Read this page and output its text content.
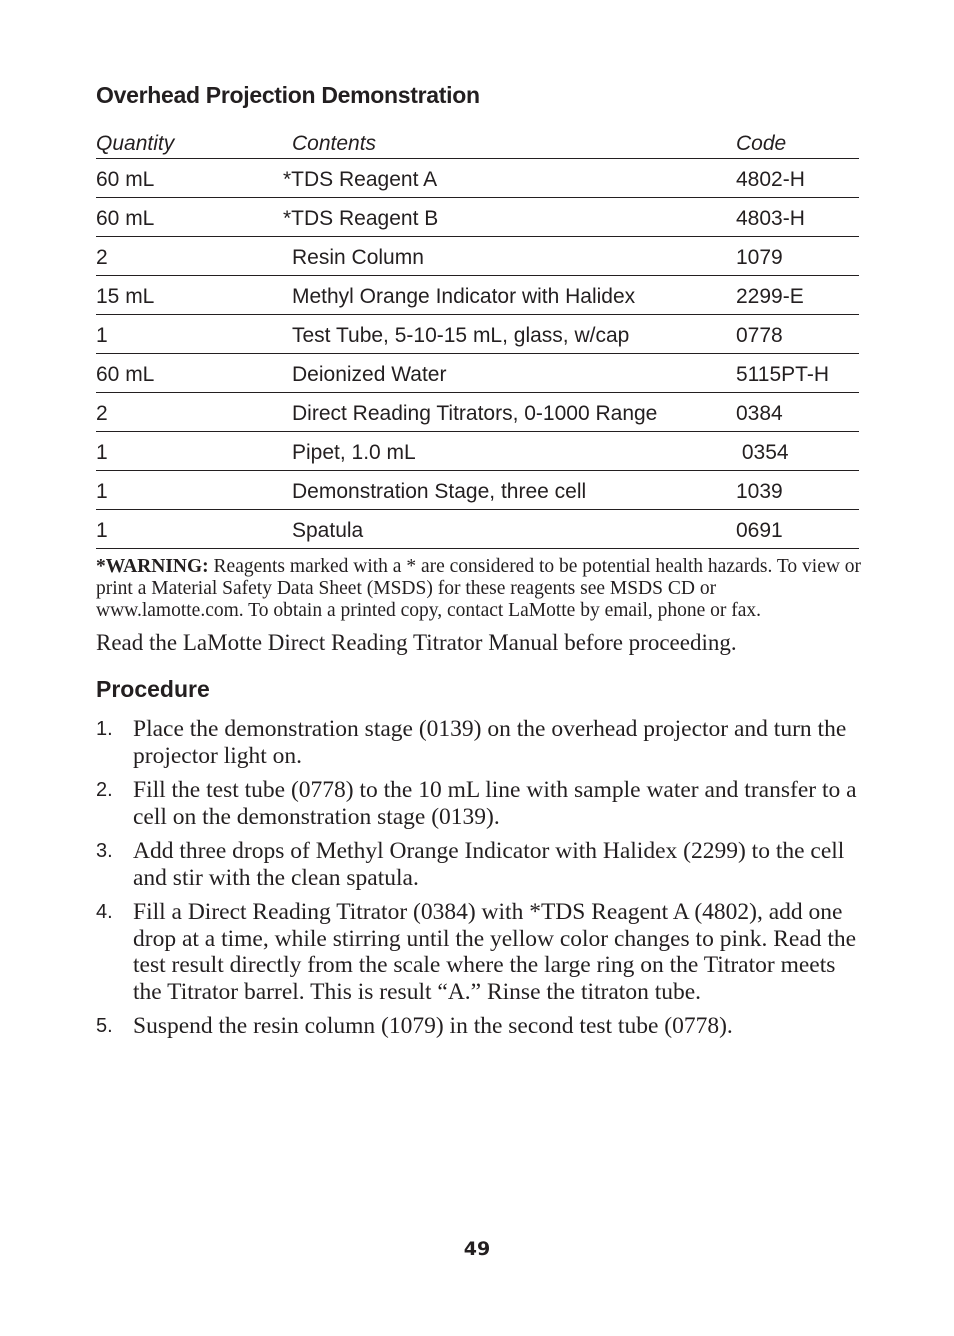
Overhead Projection Demonstration
Quantity	Contents	Code
60 mL	*TDS Reagent A	4802-H
60 mL	*TDS Reagent B	4803-H
2	Resin Column	1079
15 mL	Methyl Orange Indicator with Halidex	2299-E
1	Test Tube, 5-10-15 mL, glass, w/cap	0778
60 mL	Deionized Water	5115PT-H
2	Direct Reading Titrators, 0-1000 Range	0384
1	Pipet, 1.0 mL	0354
1	Demonstration Stage, three cell	1039
1	Spatula	0691

*WARNING: Reagents marked with a * are considered to be potential health hazards. To view or print a Material Safety Data Sheet (MSDS) for these reagents see MSDS CD or www.lamotte.com. To obtain a printed copy, contact LaMotte by email, phone or fax.

Read the LaMotte Direct Reading Titrator Manual before proceeding.

Procedure
1. Place the demonstration stage (0139) on the overhead projector and turn the projector light on.
2. Fill the test tube (0778) to the 10 mL line with sample water and transfer to a cell on the demonstration stage (0139).
3. Add three drops of Methyl Orange Indicator with Halidex (2299) to the cell and stir with the clean spatula.
4. Fill a Direct Reading Titrator (0384) with *TDS Reagent A (4802), add one drop at a time, while stirring until the yellow color changes to pink. Read the test result directly from the scale where the large ring on the Titrator meets the Titrator barrel. This is result “A.” Rinse the titraton tube.
5. Suspend the resin column (1079) in the second test tube (0778).

49
